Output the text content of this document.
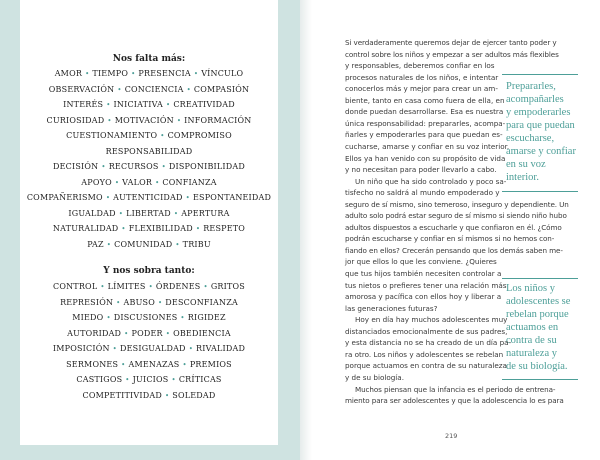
Nos falta más:
Y nos sobra tanto:
AMOR • TIEMPO • PRESENCIA • VÍNCULO
OBSERVACIÓN • CONCIENCIA • COMPASIÓN
INTERÉS • INICIATIVA • CREATIVIDAD
CURIOSIDAD • MOTIVACIÓN • INFORMACIÓN
CUESTIONAMIENTO • COMPROMISO
RESPONSABILIDAD
DECISIÓN • RECURSOS • DISPONIBILIDAD
APOYO • VALOR • CONFIANZA
COMPAÑERISMO • AUTENTICIDAD • ESPONTANEIDAD
IGUALDAD • LIBERTAD • APERTURA
NATURALIDAD • FLEXIBILIDAD • RESPETO
PAZ • COMUNIDAD • TRIBU
CONTROL • LÍMITES • ÓRDENES • GRITOS
REPRESIÓN • ABUSO • DESCONFIANZA
MIEDO • DISCUSIONES • RIGIDEZ
AUTORIDAD • PODER • OBEDIENCIA
IMPOSICIÓN • DESIGUALDAD • RIVALIDAD
SERMONES • AMENAZAS • PREMIOS
CASTIGOS • JUICIOS • CRÍTICAS
COMPETITIVIDAD • SOLEDAD
Prepararles,
acompañarles
y empoderarles
para que puedan
escucharse,
amarse y confiar
en su voz
interior.
Los niños y
adolescentes se
rebelan porque
actuamos en
contra de su
naturaleza y
de su biología.
219
Si verdaderamente queremos dejar de ejercer tanto poder y
control sobre los niños y empezar a ser adultos más flexibles
y responsables, deberemos confiar en los
procesos naturales de los niños, e intentar
conocerlos más y mejor para crear un am-
biente, tanto en casa como fuera de ella, en
donde puedan desarrollarse. Esa es nuestra
única responsabilidad: prepararles, acompa-
ñarles y empoderarles para que puedan es-
cucharse, amarse y confiar en su voz interior.
Ellos ya han venido con su propósito de vida
y no necesitan para poder llevarlo a cabo.
Un niño que ha sido controlado y poco sa-
tisfecho no saldrá al mundo empoderado y
seguro de sí mismo, sino temeroso, inseguro y dependiente. Un
adulto solo podrá estar seguro de sí mismo si siendo niño hubo
adultos dispuestos a escucharle y que confiaron en él. ¿Cómo
podrán escucharse y confiar en sí mismos si no hemos con-
fiando en ellos? Crecerán pensando que los demás saben me-
jor que ellos lo que les conviene. ¿Quieres
que tus hijos también necesiten controlar a
tus nietos o prefieres tener una relación más
amorosa y pacífica con ellos hoy y liberar a
las generaciones futuras?
Hoy en día hay muchos adolescentes muy
distanciados emocionalmente de sus padres,
y esta distancia no se ha creado de un día pa-
ra otro. Los niños y adolescentes se rebelan
porque actuamos en contra de su naturaleza
y de su biología.
Muchos piensan que la infancia es el periodo de entrena-
miento para ser adolescentes y que la adolescencia lo es para
